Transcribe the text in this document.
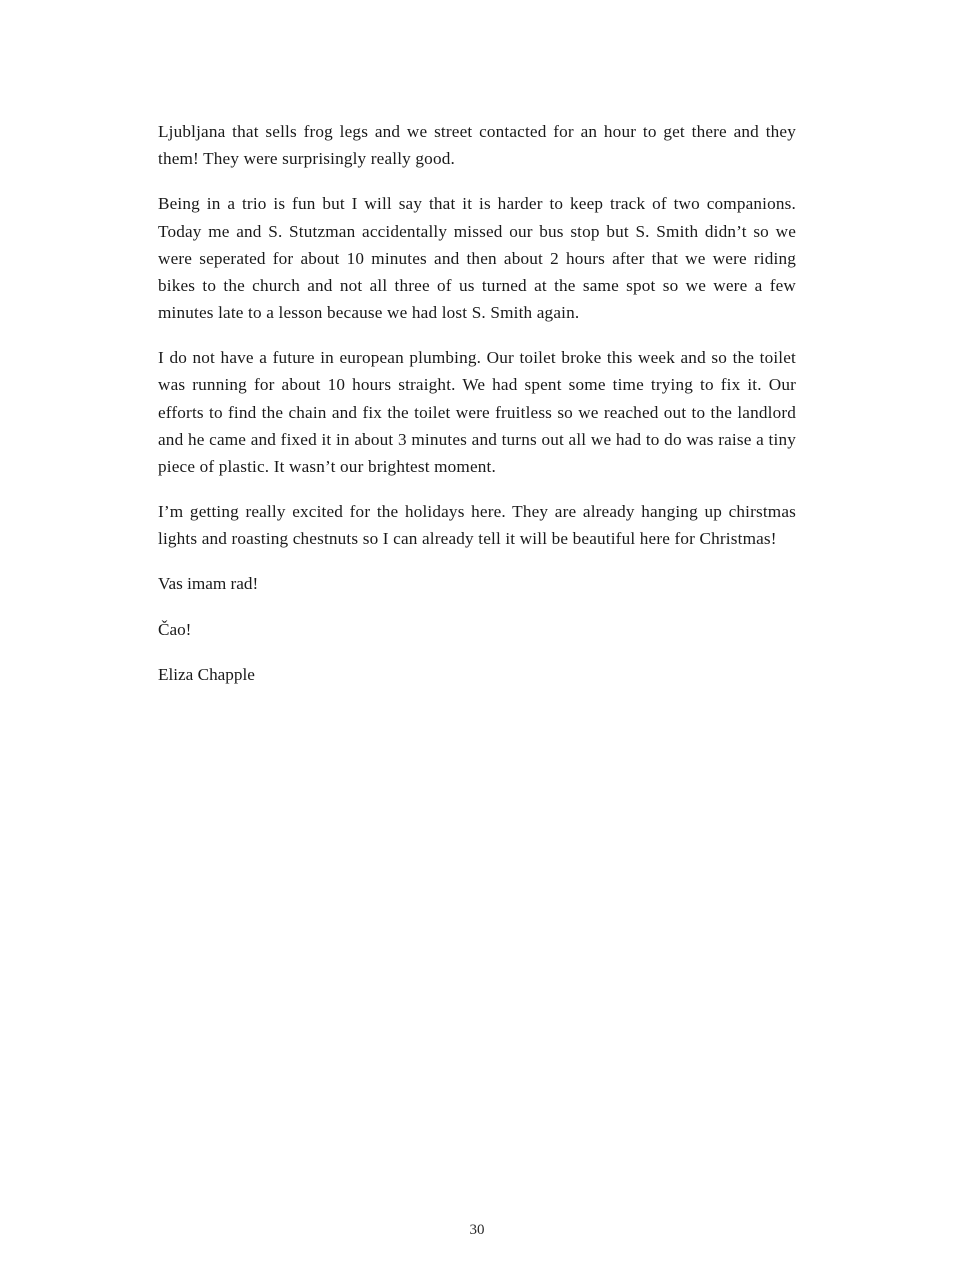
Ljubljana that sells frog legs and we street contacted for an hour to get there and they them! They were surprisingly really good.

Being in a trio is fun but I will say that it is harder to keep track of two companions. Today me and S. Stutzman accidentally missed our bus stop but S. Smith didn’t so we were seperated for about 10 minutes and then about 2 hours after that we were riding bikes to the church and not all three of us turned at the same spot so we were a few minutes late to a lesson because we had lost S. Smith again.

I do not have a future in european plumbing. Our toilet broke this week and so the toilet was running for about 10 hours straight. We had spent some time trying to fix it. Our efforts to find the chain and fix the toilet were fruitless so we reached out to the landlord and he came and fixed it in about 3 minutes and turns out all we had to do was raise a tiny piece of plastic. It wasn’t our brightest moment.

I’m getting really excited for the holidays here. They are already hanging up chirstmas lights and roasting chestnuts so I can already tell it will be beautiful here for Christmas!

Vas imam rad!

Čao!

Eliza Chapple

30
